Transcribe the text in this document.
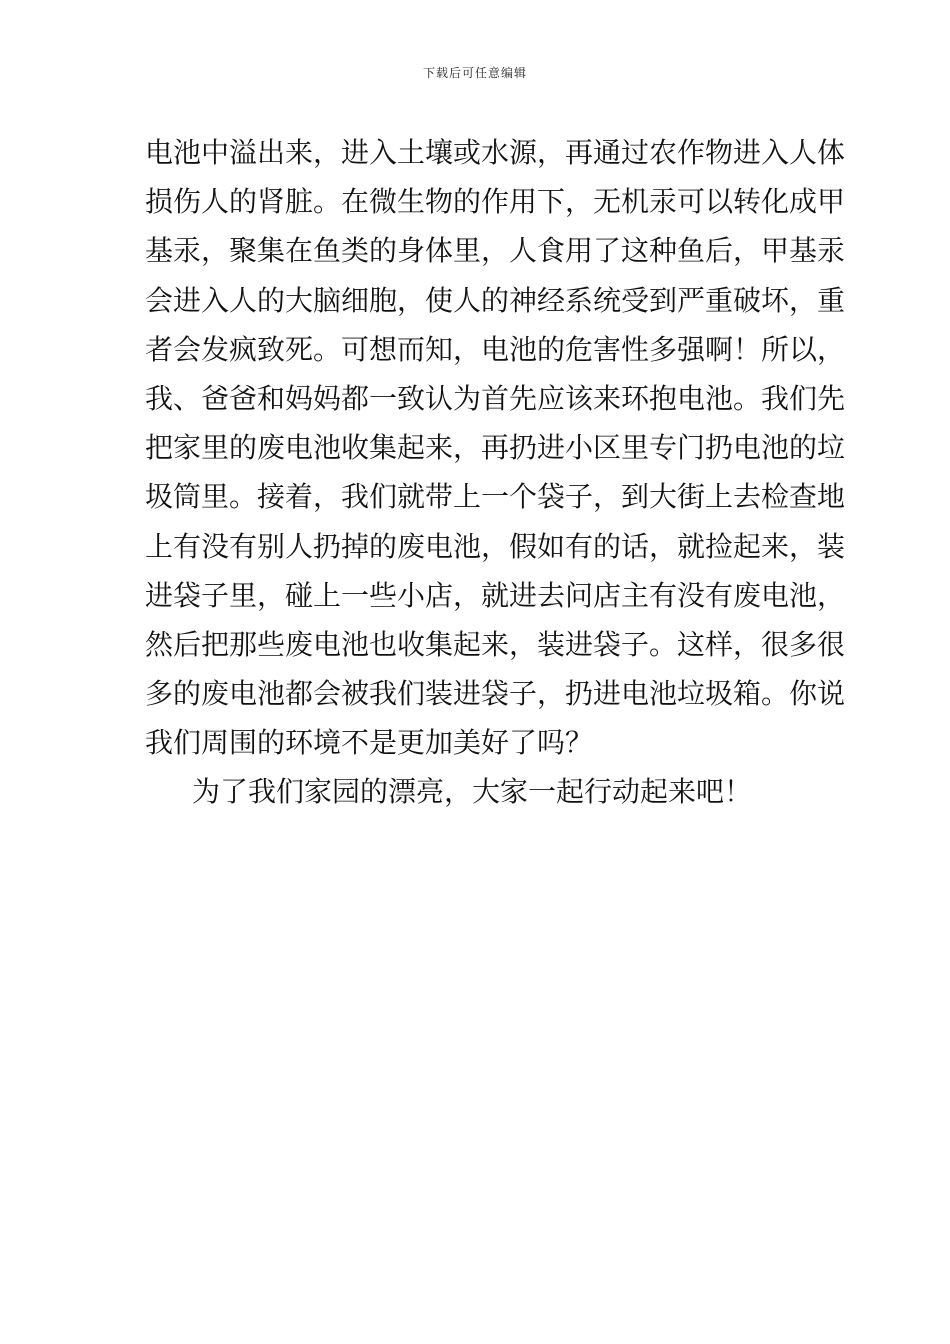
下载后可任意编辑
电池中溢出来，进入土壤或水源，再通过农作物进入人体
损伤人的肾脏。在微生物的作用下，无机汞可以转化成甲
基汞，聚集在鱼类的身体里，人食用了这种鱼后，甲基汞
会进入人的大脑细胞，使人的神经系统受到严重破坏，重
者会发疯致死。可想而知，电池的危害性多强啊！所以，
我、爸爸和妈妈都一致认为首先应该来环抱电池。我们先
把家里的废电池收集起来，再扔进小区里专门扔电池的垃
圾筒里。接着，我们就带上一个袋子，到大街上去检查地
上有没有别人扔掉的废电池，假如有的话，就捡起来，装
进袋子里，碰上一些小店，就进去问店主有没有废电池，
然后把那些废电池也收集起来，装进袋子。这样，很多很
多的废电池都会被我们装进袋子，扔进电池垃圾箱。你说
我们周围的环境不是更加美好了吗？
为了我们家园的漂亮，大家一起行动起来吧！
